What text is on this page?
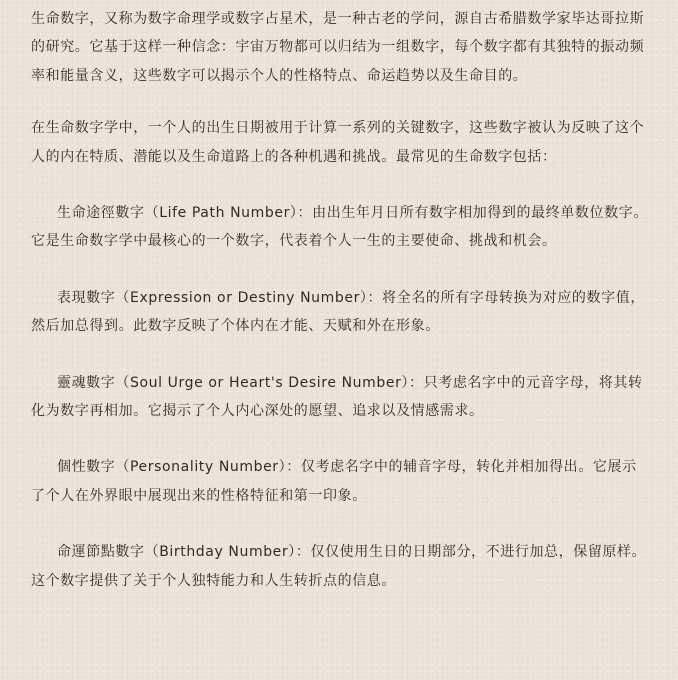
生命数字，又称为数字命理学或数字占星术，是一种古老的学问，源自古希腊数学家毕达哥拉斯的研究。它基于这样一种信念：宇宙万物都可以归结为一组数字，每个数字都有其独特的振动频率和能量含义，这些数字可以揭示个人的性格特点、命运趋势以及生命目的。

在生命数字学中，一个人的出生日期被用于计算一系列的关键数字，这些数字被认为反映了这个人的内在特质、潜能以及生命道路上的各种机遇和挑战。最常见的生命数字包括：

生命途徑數字（Life Path Number）：由出生年月日所有数字相加得到的最终单数位数字。它是生命数字学中最核心的一个数字，代表着个人一生的主要使命、挑战和机会。

表現數字（Expression or Destiny Number）：将全名的所有字母转换为对应的数字值，然后加总得到。此数字反映了个体内在才能、天赋和外在形象。

靈魂數字（Soul Urge or Heart's Desire Number）：只考虑名字中的元音字母，将其转化为数字再相加。它揭示了个人内心深处的愿望、追求以及情感需求。

個性數字（Personality Number）：仅考虑名字中的辅音字母，转化并相加得出。它展示了个人在外界眼中展现出来的性格特征和第一印象。

命運節點數字（Birthday Number）：仅仅使用生日的日期部分，不进行加总，保留原样。这个数字提供了关于个人独特能力和人生转折点的信息。
